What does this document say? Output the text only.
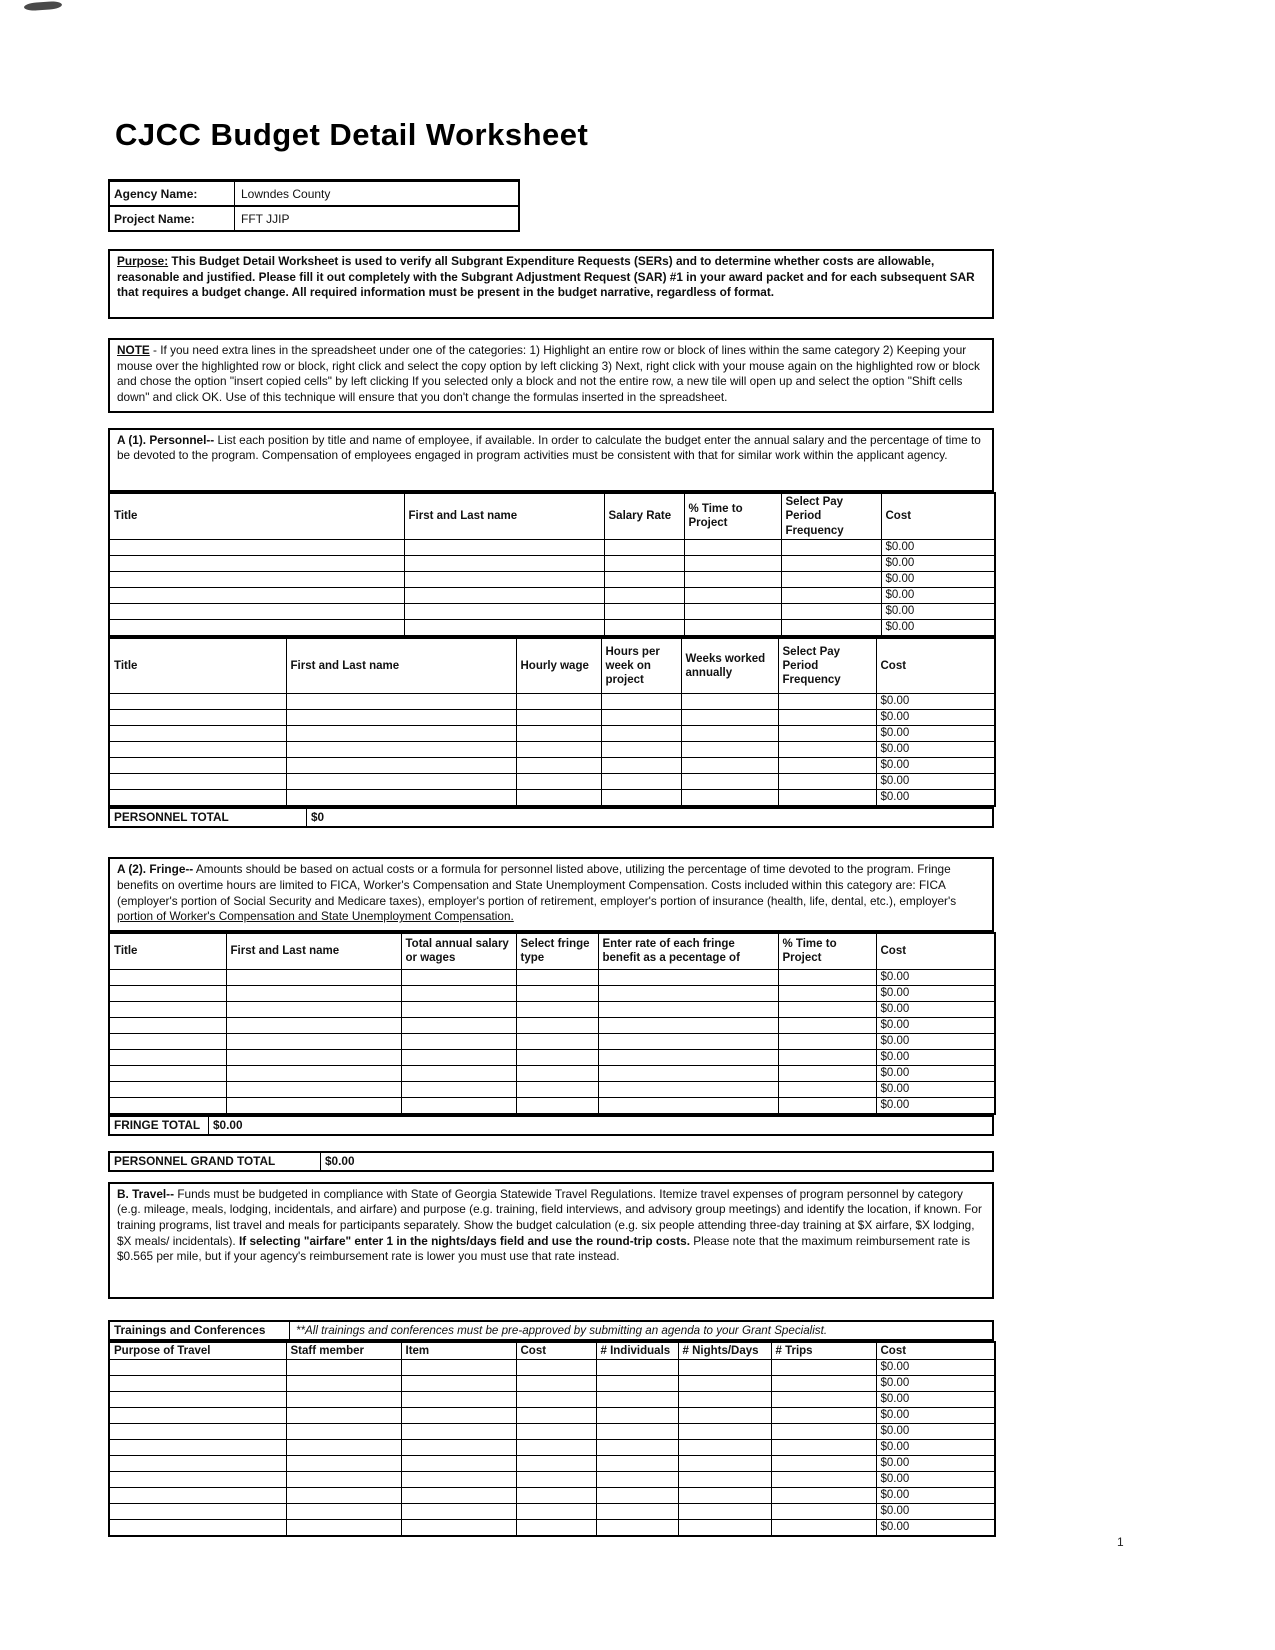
CJCC Budget Detail Worksheet
Agency Name:	Lowndes County
Project Name:	FFT JJIP
Purpose: This Budget Detail Worksheet is used to verify all Subgrant Expenditure Requests (SERs) and to determine whether costs are allowable, reasonable and justified. Please fill it out completely with the Subgrant Adjustment Request (SAR) #1 in your award packet and for each subsequent SAR that requires a budget change. All required information must be present in the budget narrative, regardless of format.
NOTE - If you need extra lines in the spreadsheet under one of the categories: 1) Highlight an entire row or block of lines within the same category 2) Keeping your mouse over the highlighted row or block, right click and select the copy option by left clicking 3) Next, right click with your mouse again on the highlighted row or block and chose the option "insert copied cells" by left clicking If you selected only a block and not the entire row, a new tile will open up and select the option "Shift cells down" and click OK. Use of this technique will ensure that you don't change the formulas inserted in the spreadsheet.
A (1). Personnel-- List each position by title and name of employee, if available. In order to calculate the budget enter the annual salary and the percentage of time to be devoted to the program. Compensation of employees engaged in program activities must be consistent with that for similar work within the applicant agency.
Title	First and Last name	Salary Rate	% Time to Project	Select Pay Period Frequency	Cost
					$0.00
					$0.00
					$0.00
					$0.00
					$0.00
					$0.00
Title	First and Last name	Hourly wage	Hours per week on project	Weeks worked annually	Select Pay Period Frequency	Cost
						$0.00
						$0.00
						$0.00
						$0.00
						$0.00
						$0.00
						$0.00
PERSONNEL TOTAL	$0
A (2). Fringe-- Amounts should be based on actual costs or a formula for personnel listed above, utilizing the percentage of time devoted to the program. Fringe benefits on overtime hours are limited to FICA, Worker's Compensation and State Unemployment Compensation. Costs included within this category are: FICA (employer's portion of Social Security and Medicare taxes), employer's portion of retirement, employer's portion of insurance (health, life, dental, etc.), employer's portion of Worker's Compensation and State Unemployment Compensation.
Title	First and Last name	Total annual salary or wages	Select fringe type	Enter rate of each fringe benefit as a pecentage of	% Time to Project	Cost
						$0.00
						$0.00
						$0.00
						$0.00
						$0.00
						$0.00
						$0.00
						$0.00
						$0.00
FRINGE TOTAL	$0.00
PERSONNEL GRAND TOTAL	$0.00
B. Travel-- Funds must be budgeted in compliance with State of Georgia Statewide Travel Regulations. Itemize travel expenses of program personnel by category (e.g. mileage, meals, lodging, incidentals, and airfare) and purpose (e.g. training, field interviews, and advisory group meetings) and identify the location, if known. For training programs, list travel and meals for participants separately. Show the budget calculation (e.g. six people attending three-day training at $X airfare, $X lodging, $X meals/ incidentals). If selecting "airfare" enter 1 in the nights/days field and use the round-trip costs. Please note that the maximum reimbursement rate is $0.565 per mile, but if your agency's reimbursement rate is lower you must use that rate instead.
Trainings and Conferences	**All trainings and conferences must be pre-approved by submitting an agenda to your Grant Specialist.
Purpose of Travel	Staff member	Item	Cost	# Individuals	# Nights/Days	# Trips	Cost
							$0.00
							$0.00
							$0.00
							$0.00
							$0.00
							$0.00
							$0.00
							$0.00
							$0.00
							$0.00
							$0.00
1
